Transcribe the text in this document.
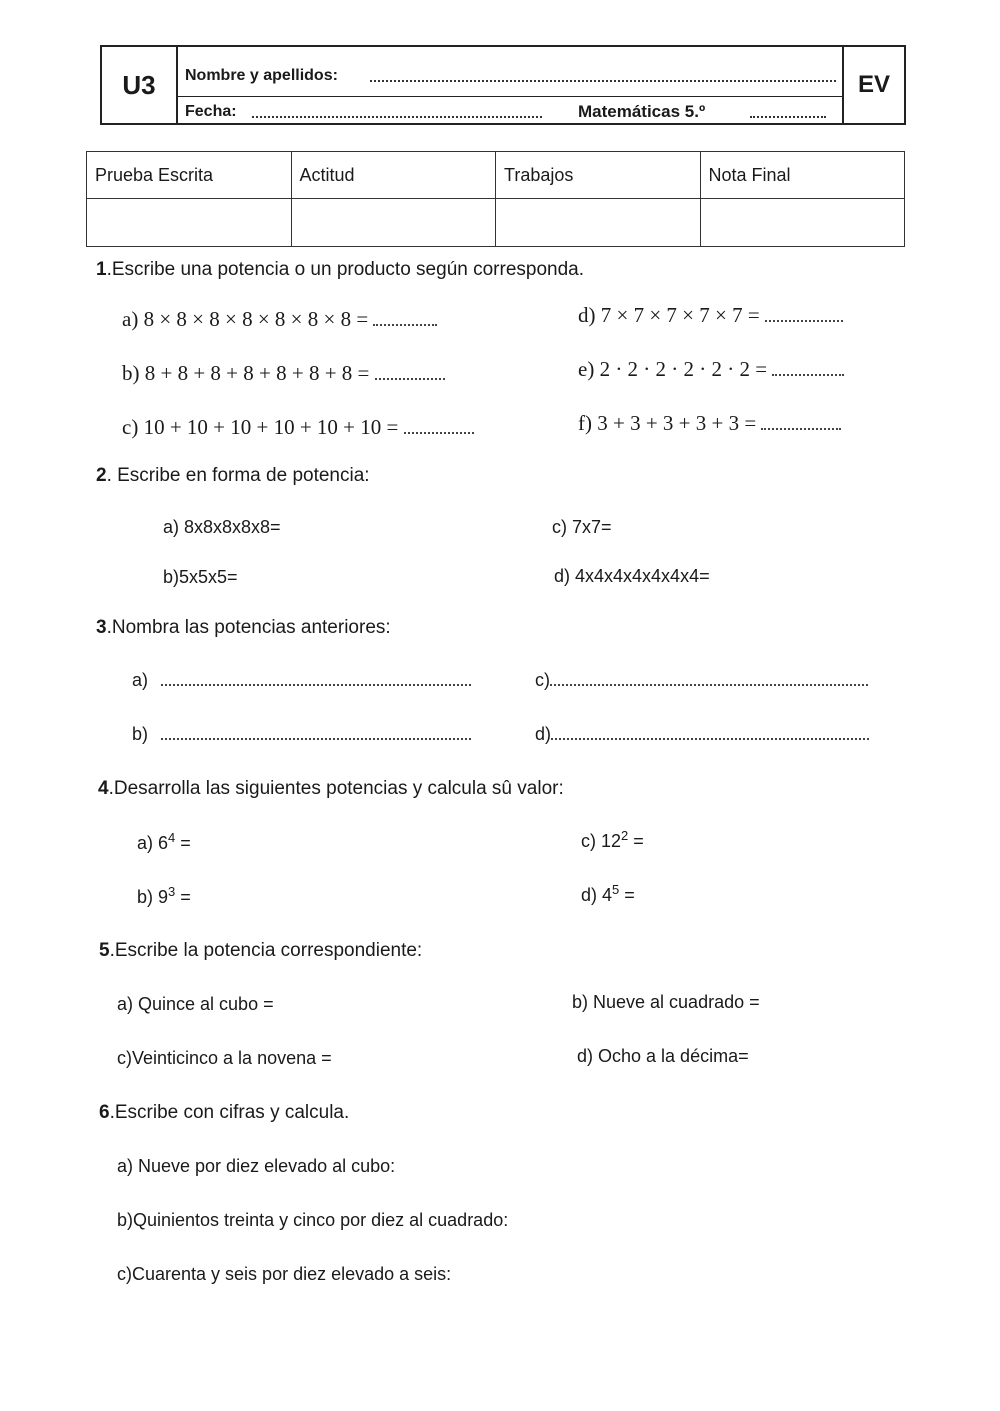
U3	Nombre y apellidos:
Fecha:	Matemáticas 5.º
EV
Prueba Escrita	Actitud	Trabajos	Nota Final

1.Escribe una potencia o un producto según corresponda.
a) 8 × 8 × 8 × 8 × 8 × 8 × 8 =
b) 8 + 8 + 8 + 8 + 8 + 8 + 8 =
c) 10 + 10 + 10 + 10 + 10 + 10 =
d) 7 × 7 × 7 × 7 × 7 =
e) 2 · 2 · 2 · 2 · 2 · 2 =
f) 3 + 3 + 3 + 3 + 3 =
2. Escribe en forma de potencia:
a) 8x8x8x8x8=
b)5x5x5=
c) 7x7=
d) 4x4x4x4x4x4x4=
3.Nombra las potencias anteriores:
a)
b)
c)
d)
4.Desarrolla las siguientes potencias y calcula sû valor:
a) $6^4$ =
b) $9^3$ =
c) $12^2$ =
d) $4^5$ =
5.Escribe la potencia correspondiente:
a) Quince al cubo =
c)Veinticinco a la novena =
b) Nueve al cuadrado =
d) Ocho a la décima=
6.Escribe con cifras y calcula.
a) Nueve por diez elevado al cubo:
b)Quinientos treinta y cinco por diez al cuadrado:
c)Cuarenta y seis por diez elevado a seis:
